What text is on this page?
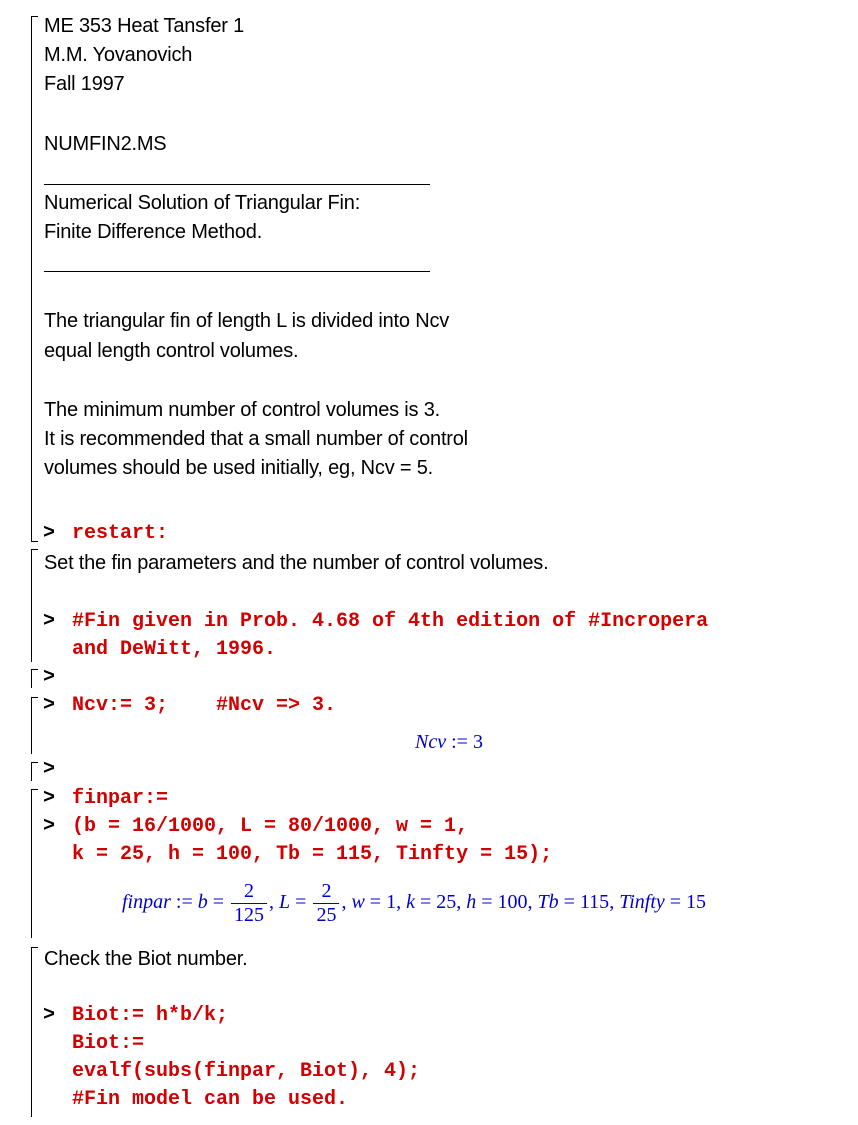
ME 353 Heat Tansfer 1
M.M. Yovanovich
Fall 1997
NUMFIN2.MS
Numerical Solution of Triangular Fin:
Finite Difference Method.
The triangular fin of length L is divided into Ncv
equal length control volumes.
The minimum number of control volumes is 3.
It is recommended that a small number of control
volumes should be used initially, eg, Ncv = 5.
> restart:
Set the fin parameters and the number of control volumes.
> #Fin given in Prob. 4.68 of 4th edition of #Incropera
and DeWitt, 1996.
>
> Ncv:= 3;    #Ncv => 3.
Ncv := 3
>
> finpar:=
> (b = 16/1000, L = 80/1000, w = 1,
k = 25, h = 100, Tb = 115, Tinfty = 15);
finpar := $b = \frac{2}{125}$ , $L = \frac{2}{25}$ , w = 1, k = 25, h = 100, Tb = 115, Tinfty = 15
Check the Biot number.
> Biot:= h*b/k;
Biot:=
evalf(subs(finpar, Biot), 4);
#Fin model can be used.
